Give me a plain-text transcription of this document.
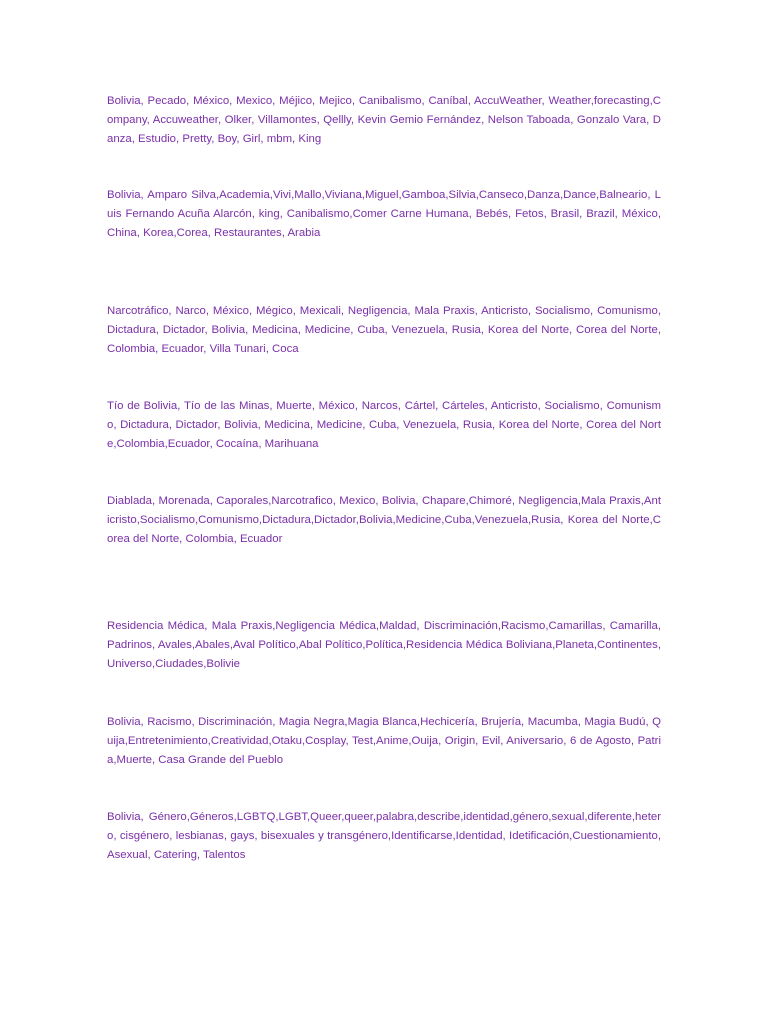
Bolivia, Pecado, México, Mexico, Méjico, Mejico, Canibalismo, Caníbal, AccuWeather, Weather,forecasting,Company, Accuweather, Olker, Villamontes, Qellly, Kevin Gemio Fernández, Nelson Taboada, Gonzalo Vara, Danza, Estudio, Pretty, Boy, Girl, mbm, King

Bolivia, Amparo Silva,Academia,Vivi,Mallo,Viviana,Miguel,Gamboa,Silvia,Canseco,Danza,Dance,Balneario, Luis Fernando Acuña Alarcón, king, Canibalismo,Comer Carne Humana, Bebés, Fetos, Brasil, Brazil, México, China, Korea,Corea, Restaurantes, Arabia

Narcotráfico, Narco, México, Mégico, Mexicali, Negligencia, Mala Praxis, Anticristo, Socialismo, Comunismo, Dictadura, Dictador, Bolivia, Medicina, Medicine, Cuba, Venezuela, Rusia, Korea del Norte, Corea del Norte, Colombia, Ecuador, Villa Tunari, Coca

Tío de Bolivia, Tío de las Minas, Muerte, México, Narcos, Cártel, Cárteles, Anticristo, Socialismo, Comunismo, Dictadura, Dictador, Bolivia, Medicina, Medicine, Cuba, Venezuela, Rusia, Korea del Norte, Corea del Norte,Colombia,Ecuador, Cocaína, Marihuana

Diablada, Morenada, Caporales,Narcotrafico, Mexico, Bolivia, Chapare,Chimoré, Negligencia,Mala Praxis,Anticristo,Socialismo,Comunismo,Dictadura,Dictador,Bolivia,Medicine,Cuba,Venezuela,Rusia, Korea del Norte,Corea del Norte, Colombia, Ecuador

Residencia Médica, Mala Praxis,Negligencia Médica,Maldad, Discriminación,Racismo,Camarillas, Camarilla,Padrinos, Avales,Abales,Aval Político,Abal Político,Política,Residencia Médica Boliviana,Planeta,Continentes,Universo,Ciudades,Bolivie

Bolivia, Racismo, Discriminación, Magia Negra,Magia Blanca,Hechicería, Brujería, Macumba, Magia Budú, Quija,Entretenimiento,Creatividad,Otaku,Cosplay, Test,Anime,Ouija, Origin, Evil, Aniversario, 6 de Agosto, Patria,Muerte, Casa Grande del Pueblo

Bolivia, Género,Géneros,LGBTQ,LGBT,Queer,queer,palabra,describe,identidad,género,sexual,diferente,hetero, cisgénero, lesbianas, gays, bisexuales y transgénero,Identificarse,Identidad, Idetificación,Cuestionamiento, Asexual, Catering, Talentos
